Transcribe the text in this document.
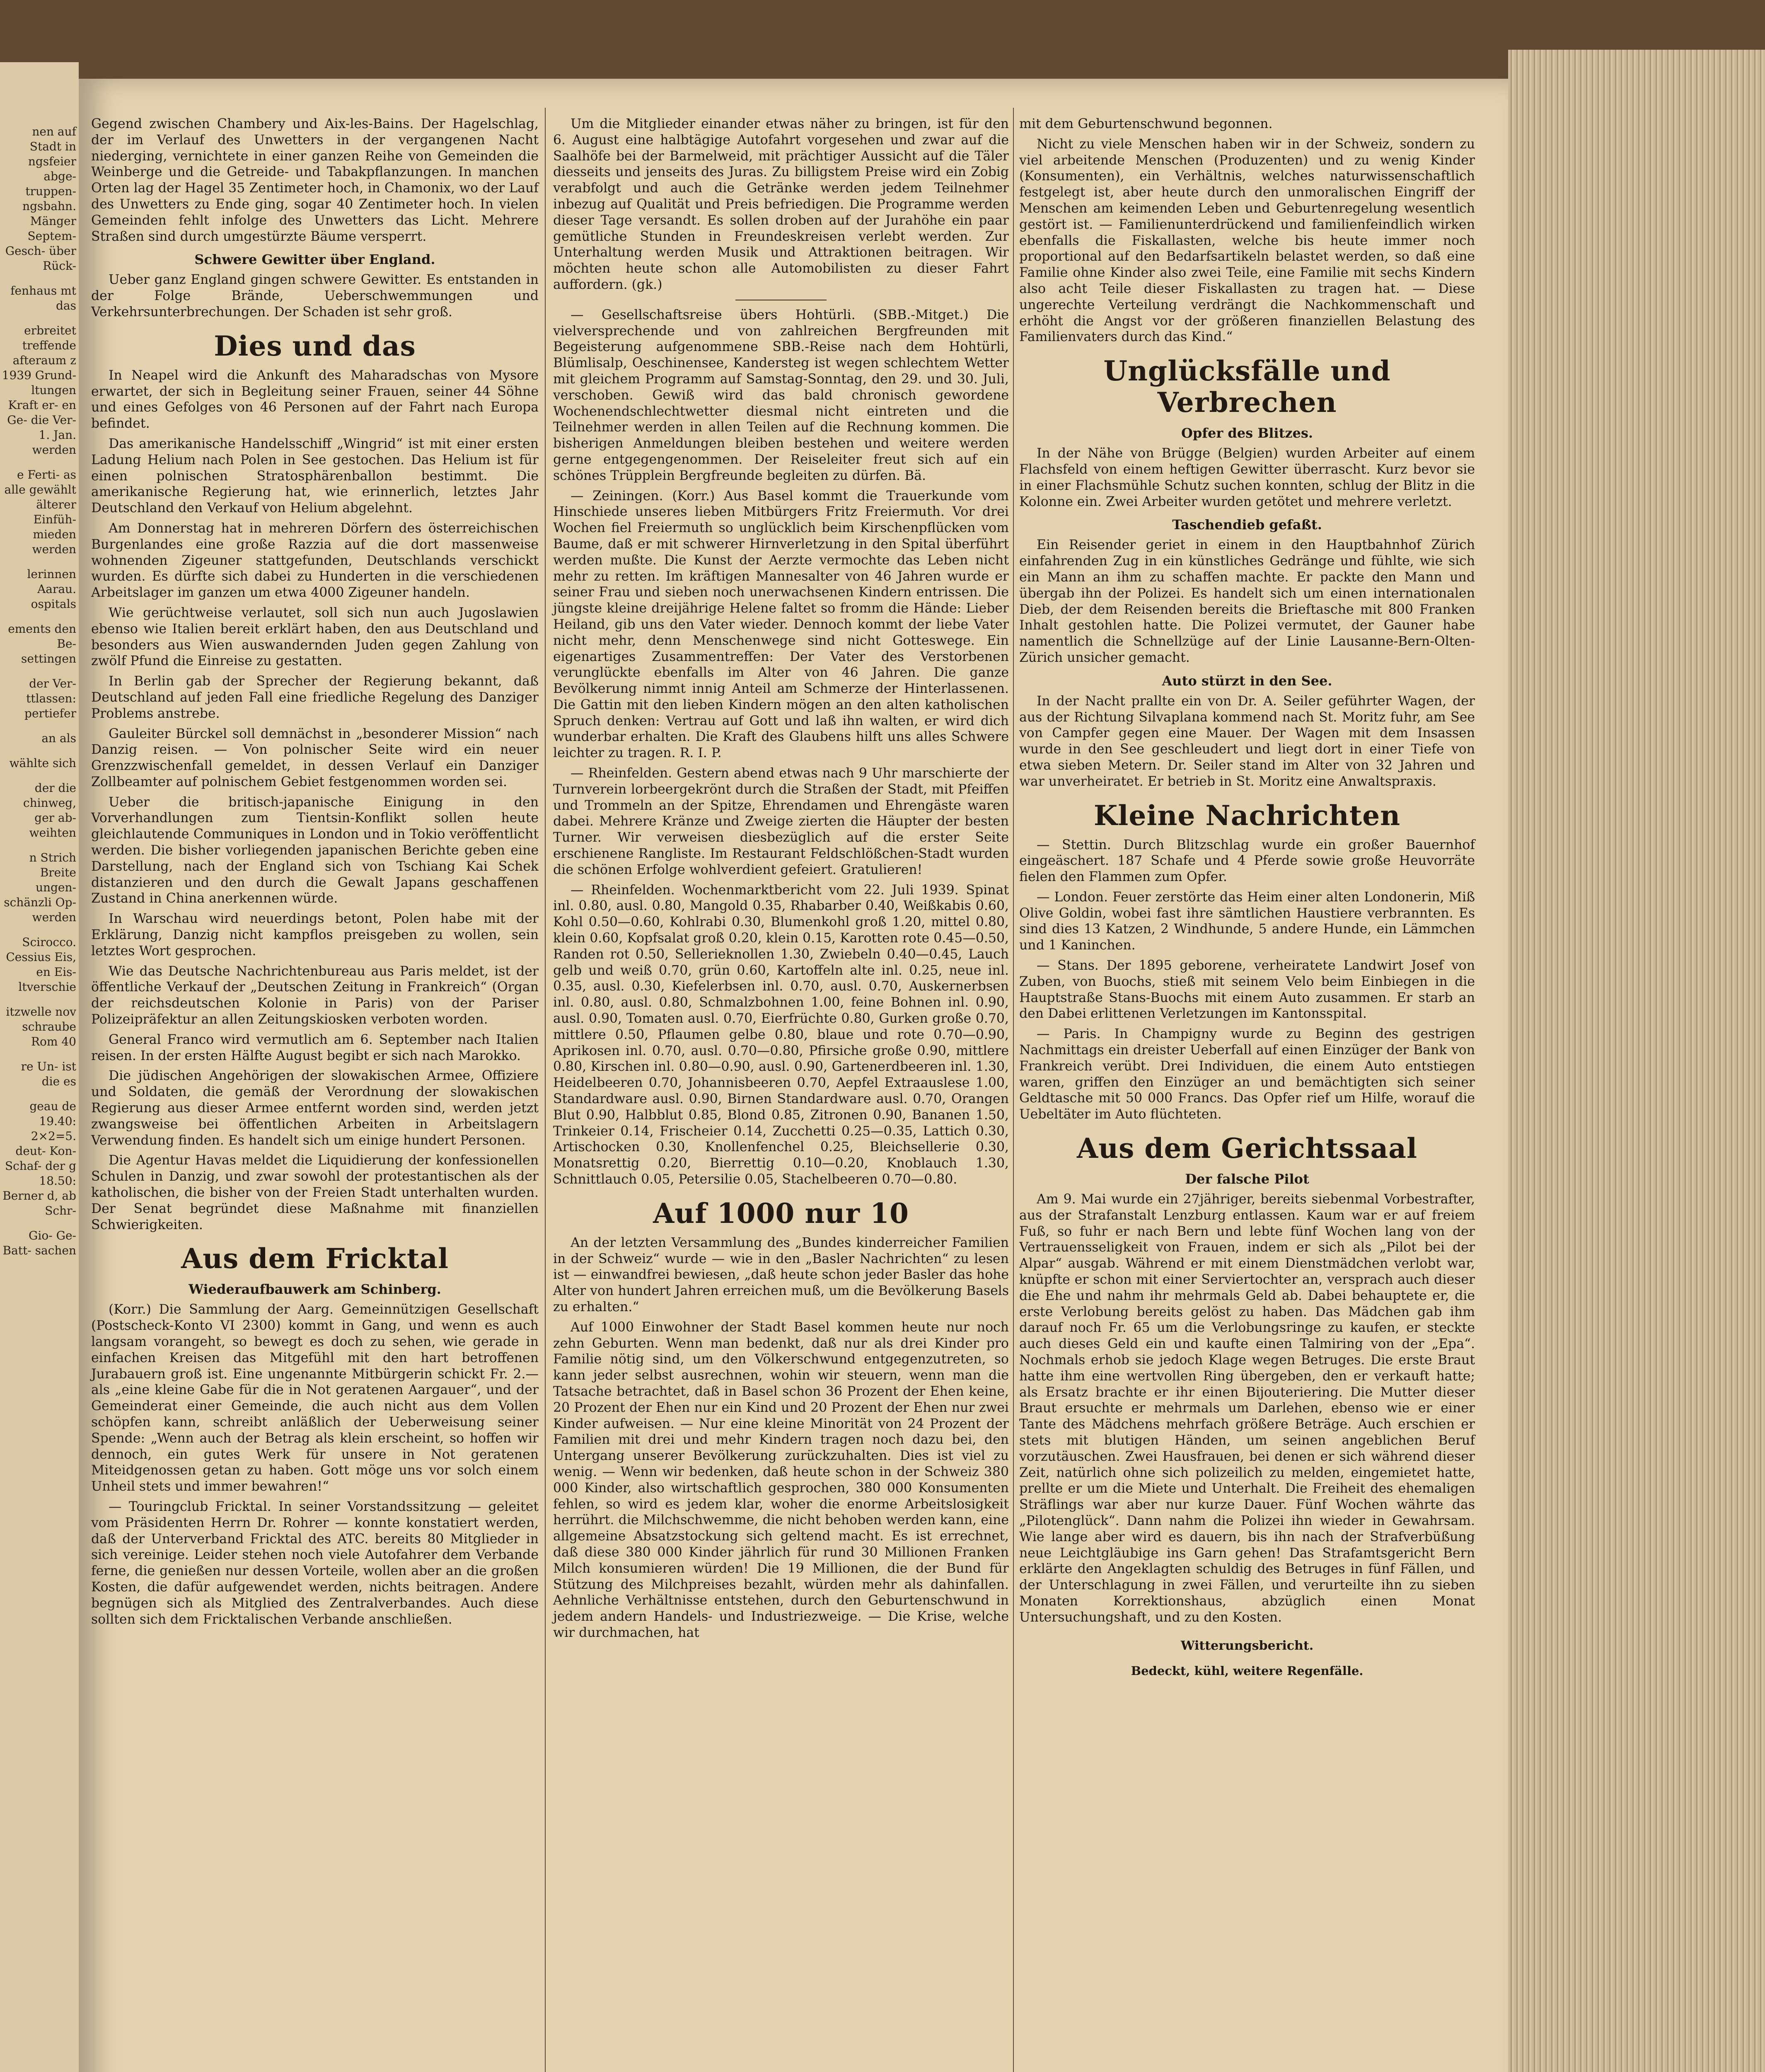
nen auf Stadt in ngsfeier abge- truppen- ngsbahn. Mänger Septem- Gesch- über Rück-

fenhaus mt das

erbreitet treffende afteraum z 1939 Grund- ltungen Kraft er- en Ge- die Ver- 1. Jan. werden

e Ferti- as alle gewählt älterer Einfüh- mieden werden

lerinnen Aarau. ospitals

ements den Be- settingen

der Ver- ttlassen: pertiefer

an als

wählte sich

der die chinweg, ger ab- weihten

n Strich Breite ungen- schänzli Op- werden

Scirocco. Cessius Eis, en Eis- ltverschie

itzwelle nov schraube Rom 40

re Un- ist die es

geau de 19.40: 2×2=5. deut- Kon- Schaf- der g 18.50: Berner d, ab Schr-

Gio- Ge- Batt- sachen

Gegend zwischen Chambery und Aix-les-Bains. Der Hagelschlag, der im Verlauf des Unwetters in der vergangenen Nacht niederging, vernichtete in einer ganzen Reihe von Gemeinden die Weinberge und die Getreide- und Tabakpflanzungen. In manchen Orten lag der Hagel 35 Zentimeter hoch, in Chamonix, wo der Lauf des Unwetters zu Ende ging, sogar 40 Zentimeter hoch. In vielen Gemeinden fehlt infolge des Unwetters das Licht. Mehrere Straßen sind durch umgestürzte Bäume versperrt.

Schwere Gewitter über England.

Ueber ganz England gingen schwere Gewitter. Es entstanden in der Folge Brände, Ueberschwemmungen und Verkehrsunterbrechungen. Der Schaden ist sehr groß.

Dies und das

In Neapel wird die Ankunft des Maharadschas von Mysore erwartet, der sich in Begleitung seiner Frauen, seiner 44 Söhne und eines Gefolges von 46 Personen auf der Fahrt nach Europa befindet.

Das amerikanische Handelsschiff „Wingrid“ ist mit einer ersten Ladung Helium nach Polen in See gestochen. Das Helium ist für einen polnischen Stratosphärenballon bestimmt. Die amerikanische Regierung hat, wie erinnerlich, letztes Jahr Deutschland den Verkauf von Helium abgelehnt.

Am Donnerstag hat in mehreren Dörfern des österreichischen Burgenlandes eine große Razzia auf die dort massenweise wohnenden Zigeuner stattgefunden, Deutschlands verschickt wurden. Es dürfte sich dabei zu Hunderten in die verschiedenen Arbeitslager im ganzen um etwa 4000 Zigeuner handeln.

Wie gerüchtweise verlautet, soll sich nun auch Jugoslawien ebenso wie Italien bereit erklärt haben, den aus Deutschland und besonders aus Wien auswandernden Juden gegen Zahlung von zwölf Pfund die Einreise zu gestatten.

In Berlin gab der Sprecher der Regierung bekannt, daß Deutschland auf jeden Fall eine friedliche Regelung des Danziger Problems anstrebe.

Gauleiter Bürckel soll demnächst in „besonderer Mission“ nach Danzig reisen. — Von polnischer Seite wird ein neuer Grenzzwischenfall gemeldet, in dessen Verlauf ein Danziger Zollbeamter auf polnischem Gebiet festgenommen worden sei.

Ueber die britisch-japanische Einigung in den Vorverhandlungen zum Tientsin-Konflikt sollen heute gleichlautende Communiques in London und in Tokio veröffentlicht werden. Die bisher vorliegenden japanischen Berichte geben eine Darstellung, nach der England sich von Tschiang Kai Schek distanzieren und den durch die Gewalt Japans geschaffenen Zustand in China anerkennen würde.

In Warschau wird neuerdings betont, Polen habe mit der Erklärung, Danzig nicht kampflos preisgeben zu wollen, sein letztes Wort gesprochen.

Wie das Deutsche Nachrichtenbureau aus Paris meldet, ist der öffentliche Verkauf der „Deutschen Zeitung in Frankreich“ (Organ der reichsdeutschen Kolonie in Paris) von der Pariser Polizeipräfektur an allen Zeitungskiosken verboten worden.

General Franco wird vermutlich am 6. September nach Italien reisen. In der ersten Hälfte August begibt er sich nach Marokko.

Die jüdischen Angehörigen der slowakischen Armee, Offiziere und Soldaten, die gemäß der Verordnung der slowakischen Regierung aus dieser Armee entfernt worden sind, werden jetzt zwangsweise bei öffentlichen Arbeiten in Arbeitslagern Verwendung finden. Es handelt sich um einige hundert Personen.

Die Agentur Havas meldet die Liquidierung der konfessionellen Schulen in Danzig, und zwar sowohl der protestantischen als der katholischen, die bisher von der Freien Stadt unterhalten wurden. Der Senat begründet diese Maßnahme mit finanziellen Schwierigkeiten.

Aus dem Fricktal
Wiederaufbauwerk am Schinberg.

(Korr.) Die Sammlung der Aarg. Gemeinnützigen Gesellschaft (Postscheck-Konto VI 2300) kommt in Gang, und wenn es auch langsam vorangeht, so bewegt es doch zu sehen, wie gerade in einfachen Kreisen das Mitgefühl mit den hart betroffenen Jurabauern groß ist. Eine ungenannte Mitbürgerin schickt Fr. 2.— als „eine kleine Gabe für die in Not geratenen Aargauer“, und der Gemeinderat einer Gemeinde, die auch nicht aus dem Vollen schöpfen kann, schreibt anläßlich der Ueberweisung seiner Spende: „Wenn auch der Betrag als klein erscheint, so hoffen wir dennoch, ein gutes Werk für unsere in Not geratenen Miteidgenossen getan zu haben. Gott möge uns vor solch einem Unheil stets und immer bewahren!“

— Touringclub Fricktal. In seiner Vorstandssitzung — geleitet vom Präsidenten Herrn Dr. Rohrer — konnte konstatiert werden, daß der Unterverband Fricktal des ATC. bereits 80 Mitglieder in sich vereinige. Leider stehen noch viele Autofahrer dem Verbande ferne, die genießen nur dessen Vorteile, wollen aber an die großen Kosten, die dafür aufgewendet werden, nichts beitragen. Andere begnügen sich als Mitglied des Zentralverbandes. Auch diese sollten sich dem Fricktalischen Verbande anschließen.

Um die Mitglieder einander etwas näher zu bringen, ist für den 6. August eine halbtägige Autofahrt vorgesehen und zwar auf die Saalhöfe bei der Barmelweid, mit prächtiger Aussicht auf die Täler diesseits und jenseits des Juras. Zu billigstem Preise wird ein Zobig verabfolgt und auch die Getränke werden jedem Teilnehmer inbezug auf Qualität und Preis befriedigen. Die Programme werden dieser Tage versandt. Es sollen droben auf der Jurahöhe ein paar gemütliche Stunden in Freundeskreisen verlebt werden. Zur Unterhaltung werden Musik und Attraktionen beitragen. Wir möchten heute schon alle Automobilisten zu dieser Fahrt auffordern. (gk.)

— Gesellschaftsreise übers Hohtürli. (SBB.-Mitget.) Die vielversprechende und von zahlreichen Bergfreunden mit Begeisterung aufgenommene SBB.-Reise nach dem Hohtürli, Blümlisalp, Oeschinensee, Kandersteg ist wegen schlechtem Wetter mit gleichem Programm auf Samstag-Sonntag, den 29. und 30. Juli, verschoben. Gewiß wird das bald chronisch gewordene Wochenendschlechtwetter diesmal nicht eintreten und die Teilnehmer werden in allen Teilen auf die Rechnung kommen. Die bisherigen Anmeldungen bleiben bestehen und weitere werden gerne entgegengenommen. Der Reiseleiter freut sich auf ein schönes Trüpplein Bergfreunde begleiten zu dürfen. Bä.

— Zeiningen. (Korr.) Aus Basel kommt die Trauerkunde vom Hinschiede unseres lieben Mitbürgers Fritz Freiermuth. Vor drei Wochen fiel Freiermuth so unglücklich beim Kirschenpflücken vom Baume, daß er mit schwerer Hirnverletzung in den Spital überführt werden mußte. Die Kunst der Aerzte vermochte das Leben nicht mehr zu retten. Im kräftigen Mannesalter von 46 Jahren wurde er seiner Frau und sieben noch unerwachsenen Kindern entrissen. Die jüngste kleine dreijährige Helene faltet so fromm die Hände: Lieber Heiland, gib uns den Vater wieder. Dennoch kommt der liebe Vater nicht mehr, denn Menschenwege sind nicht Gotteswege. Ein eigenartiges Zusammentreffen: Der Vater des Verstorbenen verunglückte ebenfalls im Alter von 46 Jahren. Die ganze Bevölkerung nimmt innig Anteil am Schmerze der Hinterlassenen. Die Gattin mit den lieben Kindern mögen an den alten katholischen Spruch denken: Vertrau auf Gott und laß ihn walten, er wird dich wunderbar erhalten. Die Kraft des Glaubens hilft uns alles Schwere leichter zu tragen. R. I. P.

— Rheinfelden. Gestern abend etwas nach 9 Uhr marschierte der Turnverein lorbeergekrönt durch die Straßen der Stadt, mit Pfeiffen und Trommeln an der Spitze, Ehrendamen und Ehrengäste waren dabei. Mehrere Kränze und Zweige zierten die Häupter der besten Turner. Wir verweisen diesbezüglich auf die erster Seite erschienene Rangliste. Im Restaurant Feldschlößchen-Stadt wurden die schönen Erfolge wohlverdient gefeiert. Gratulieren!

— Rheinfelden. Wochenmarktbericht vom 22. Juli 1939. Spinat inl. 0.80, ausl. 0.80, Mangold 0.35, Rhabarber 0.40, Weißkabis 0.60, Kohl 0.50—0.60, Kohlrabi 0.30, Blumenkohl groß 1.20, mittel 0.80, klein 0.60, Kopfsalat groß 0.20, klein 0.15, Karotten rote 0.45—0.50, Randen rot 0.50, Sellerieknollen 1.30, Zwiebeln 0.40—0.45, Lauch gelb und weiß 0.70, grün 0.60, Kartoffeln alte inl. 0.25, neue inl. 0.35, ausl. 0.30, Kiefelerbsen inl. 0.70, ausl. 0.70, Auskernerbsen inl. 0.80, ausl. 0.80, Schmalzbohnen 1.00, feine Bohnen inl. 0.90, ausl. 0.90, Tomaten ausl. 0.70, Eierfrüchte 0.80, Gurken große 0.70, mittlere 0.50, Pflaumen gelbe 0.80, blaue und rote 0.70—0.90, Aprikosen inl. 0.70, ausl. 0.70—0.80, Pfirsiche große 0.90, mittlere 0.80, Kirschen inl. 0.80—0.90, ausl. 0.90, Gartenerdbeeren inl. 1.30, Heidelbeeren 0.70, Johannisbeeren 0.70, Aepfel Extraauslese 1.00, Standardware ausl. 0.90, Birnen Standardware ausl. 0.70, Orangen Blut 0.90, Halbblut 0.85, Blond 0.85, Zitronen 0.90, Bananen 1.50, Trinkeier 0.14, Frischeier 0.14, Zucchetti 0.25—0.35, Lattich 0.30, Artischocken 0.30, Knollenfenchel 0.25, Bleichsellerie 0.30, Monatsrettig 0.20, Bierrettig 0.10—0.20, Knoblauch 1.30, Schnittlauch 0.05, Petersilie 0.05, Stachelbeeren 0.70—0.80.

Auf 1000 nur 10

An der letzten Versammlung des „Bundes kinderreicher Familien in der Schweiz“ wurde — wie in den „Basler Nachrichten“ zu lesen ist — einwandfrei bewiesen, „daß heute schon jeder Basler das hohe Alter von hundert Jahren erreichen muß, um die Bevölkerung Basels zu erhalten.“

Auf 1000 Einwohner der Stadt Basel kommen heute nur noch zehn Geburten. Wenn man bedenkt, daß nur als drei Kinder pro Familie nötig sind, um den Völkerschwund entgegenzutreten, so kann jeder selbst ausrechnen, wohin wir steuern, wenn man die Tatsache betrachtet, daß in Basel schon 36 Prozent der Ehen keine, 20 Prozent der Ehen nur ein Kind und 20 Prozent der Ehen nur zwei Kinder aufweisen. — Nur eine kleine Minorität von 24 Prozent der Familien mit drei und mehr Kindern tragen noch dazu bei, den Untergang unserer Bevölkerung zurückzuhalten. Dies ist viel zu wenig. — Wenn wir bedenken, daß heute schon in der Schweiz 380 000 Kinder, also wirtschaftlich gesprochen, 380 000 Konsumenten fehlen, so wird es jedem klar, woher die enorme Arbeitslosigkeit herrührt. die Milchschwemme, die nicht behoben werden kann, eine allgemeine Absatzstockung sich geltend macht. Es ist errechnet, daß diese 380 000 Kinder jährlich für rund 30 Millionen Franken Milch konsumieren würden! Die 19 Millionen, die der Bund für Stützung des Milchpreises bezahlt, würden mehr als dahinfallen. Aehnliche Verhältnisse entstehen, durch den Geburtenschwund in jedem andern Handels- und Industriezweige. — Die Krise, welche wir durchmachen, hat

mit dem Geburtenschwund begonnen.

Nicht zu viele Menschen haben wir in der Schweiz, sondern zu viel arbeitende Menschen (Produzenten) und zu wenig Kinder (Konsumenten), ein Verhältnis, welches naturwissenschaftlich festgelegt ist, aber heute durch den unmoralischen Eingriff der Menschen am keimenden Leben und Geburtenregelung wesentlich gestört ist. — Familienunterdrückend und familienfeindlich wirken ebenfalls die Fiskallasten, welche bis heute immer noch proportional auf den Bedarfsartikeln belastet werden, so daß eine Familie ohne Kinder also zwei Teile, eine Familie mit sechs Kindern also acht Teile dieser Fiskallasten zu tragen hat. — Diese ungerechte Verteilung verdrängt die Nachkommenschaft und erhöht die Angst vor der größeren finanziellen Belastung des Familienvaters durch das Kind.“

Unglücksfälle und Verbrechen
Opfer des Blitzes.

In der Nähe von Brügge (Belgien) wurden Arbeiter auf einem Flachsfeld von einem heftigen Gewitter überrascht. Kurz bevor sie in einer Flachsmühle Schutz suchen konnten, schlug der Blitz in die Kolonne ein. Zwei Arbeiter wurden getötet und mehrere verletzt.

Taschendieb gefaßt.

Ein Reisender geriet in einem in den Hauptbahnhof Zürich einfahrenden Zug in ein künstliches Gedränge und fühlte, wie sich ein Mann an ihm zu schaffen machte. Er packte den Mann und übergab ihn der Polizei. Es handelt sich um einen internationalen Dieb, der dem Reisenden bereits die Brieftasche mit 800 Franken Inhalt gestohlen hatte. Die Polizei vermutet, der Gauner habe namentlich die Schnellzüge auf der Linie Lausanne-Bern-Olten-Zürich unsicher gemacht.

Auto stürzt in den See.

In der Nacht prallte ein von Dr. A. Seiler geführter Wagen, der aus der Richtung Silvaplana kommend nach St. Moritz fuhr, am See von Campfer gegen eine Mauer. Der Wagen mit dem Insassen wurde in den See geschleudert und liegt dort in einer Tiefe von etwa sieben Metern. Dr. Seiler stand im Alter von 32 Jahren und war unverheiratet. Er betrieb in St. Moritz eine Anwaltspraxis.

Kleine Nachrichten

— Stettin. Durch Blitzschlag wurde ein großer Bauernhof eingeäschert. 187 Schafe und 4 Pferde sowie große Heuvorräte fielen den Flammen zum Opfer.

— London. Feuer zerstörte das Heim einer alten Londonerin, Miß Olive Goldin, wobei fast ihre sämtlichen Haustiere verbrannten. Es sind dies 13 Katzen, 2 Windhunde, 5 andere Hunde, ein Lämmchen und 1 Kaninchen.

— Stans. Der 1895 geborene, verheiratete Landwirt Josef von Zuben, von Buochs, stieß mit seinem Velo beim Einbiegen in die Hauptstraße Stans-Buochs mit einem Auto zusammen. Er starb an den Dabei erlittenen Verletzungen im Kantonsspital.

— Paris. In Champigny wurde zu Beginn des gestrigen Nachmittags ein dreister Ueberfall auf einen Einzüger der Bank von Frankreich verübt. Drei Individuen, die einem Auto entstiegen waren, griffen den Einzüger an und bemächtigten sich seiner Geldtasche mit 50 000 Francs. Das Opfer rief um Hilfe, worauf die Uebeltäter im Auto flüchteten.

Aus dem Gerichtssaal
Der falsche Pilot

Am 9. Mai wurde ein 27jähriger, bereits siebenmal Vorbestrafter, aus der Strafanstalt Lenzburg entlassen. Kaum war er auf freiem Fuß, so fuhr er nach Bern und lebte fünf Wochen lang von der Vertrauensseligkeit von Frauen, indem er sich als „Pilot bei der Alpar“ ausgab. Während er mit einem Dienstmädchen verlobt war, knüpfte er schon mit einer Serviertochter an, versprach auch dieser die Ehe und nahm ihr mehrmals Geld ab. Dabei behauptete er, die erste Verlobung bereits gelöst zu haben. Das Mädchen gab ihm darauf noch Fr. 65 um die Verlobungsringe zu kaufen, er steckte auch dieses Geld ein und kaufte einen Talmiring von der „Epa“. Nochmals erhob sie jedoch Klage wegen Betruges. Die erste Braut hatte ihm eine wertvollen Ring übergeben, den er verkauft hatte; als Ersatz brachte er ihr einen Bijouteriering. Die Mutter dieser Braut ersuchte er mehrmals um Darlehen, ebenso wie er einer Tante des Mädchens mehrfach größere Beträge. Auch erschien er stets mit blutigen Händen, um seinen angeblichen Beruf vorzutäuschen. Zwei Hausfrauen, bei denen er sich während dieser Zeit, natürlich ohne sich polizeilich zu melden, eingemietet hatte, prellte er um die Miete und Unterhalt. Die Freiheit des ehemaligen Sträflings war aber nur kurze Dauer. Fünf Wochen währte das „Pilotenglück“. Dann nahm die Polizei ihn wieder in Gewahrsam. Wie lange aber wird es dauern, bis ihn nach der Strafverbüßung neue Leichtgläubige ins Garn gehen! Das Strafamtsgericht Bern erklärte den Angeklagten schuldig des Betruges in fünf Fällen, und der Unterschlagung in zwei Fällen, und verurteilte ihn zu sieben Monaten Korrektionshaus, abzüglich einen Monat Untersuchungshaft, und zu den Kosten.

Witterungsbericht.
Bedeckt, kühl, weitere Regenfälle.
